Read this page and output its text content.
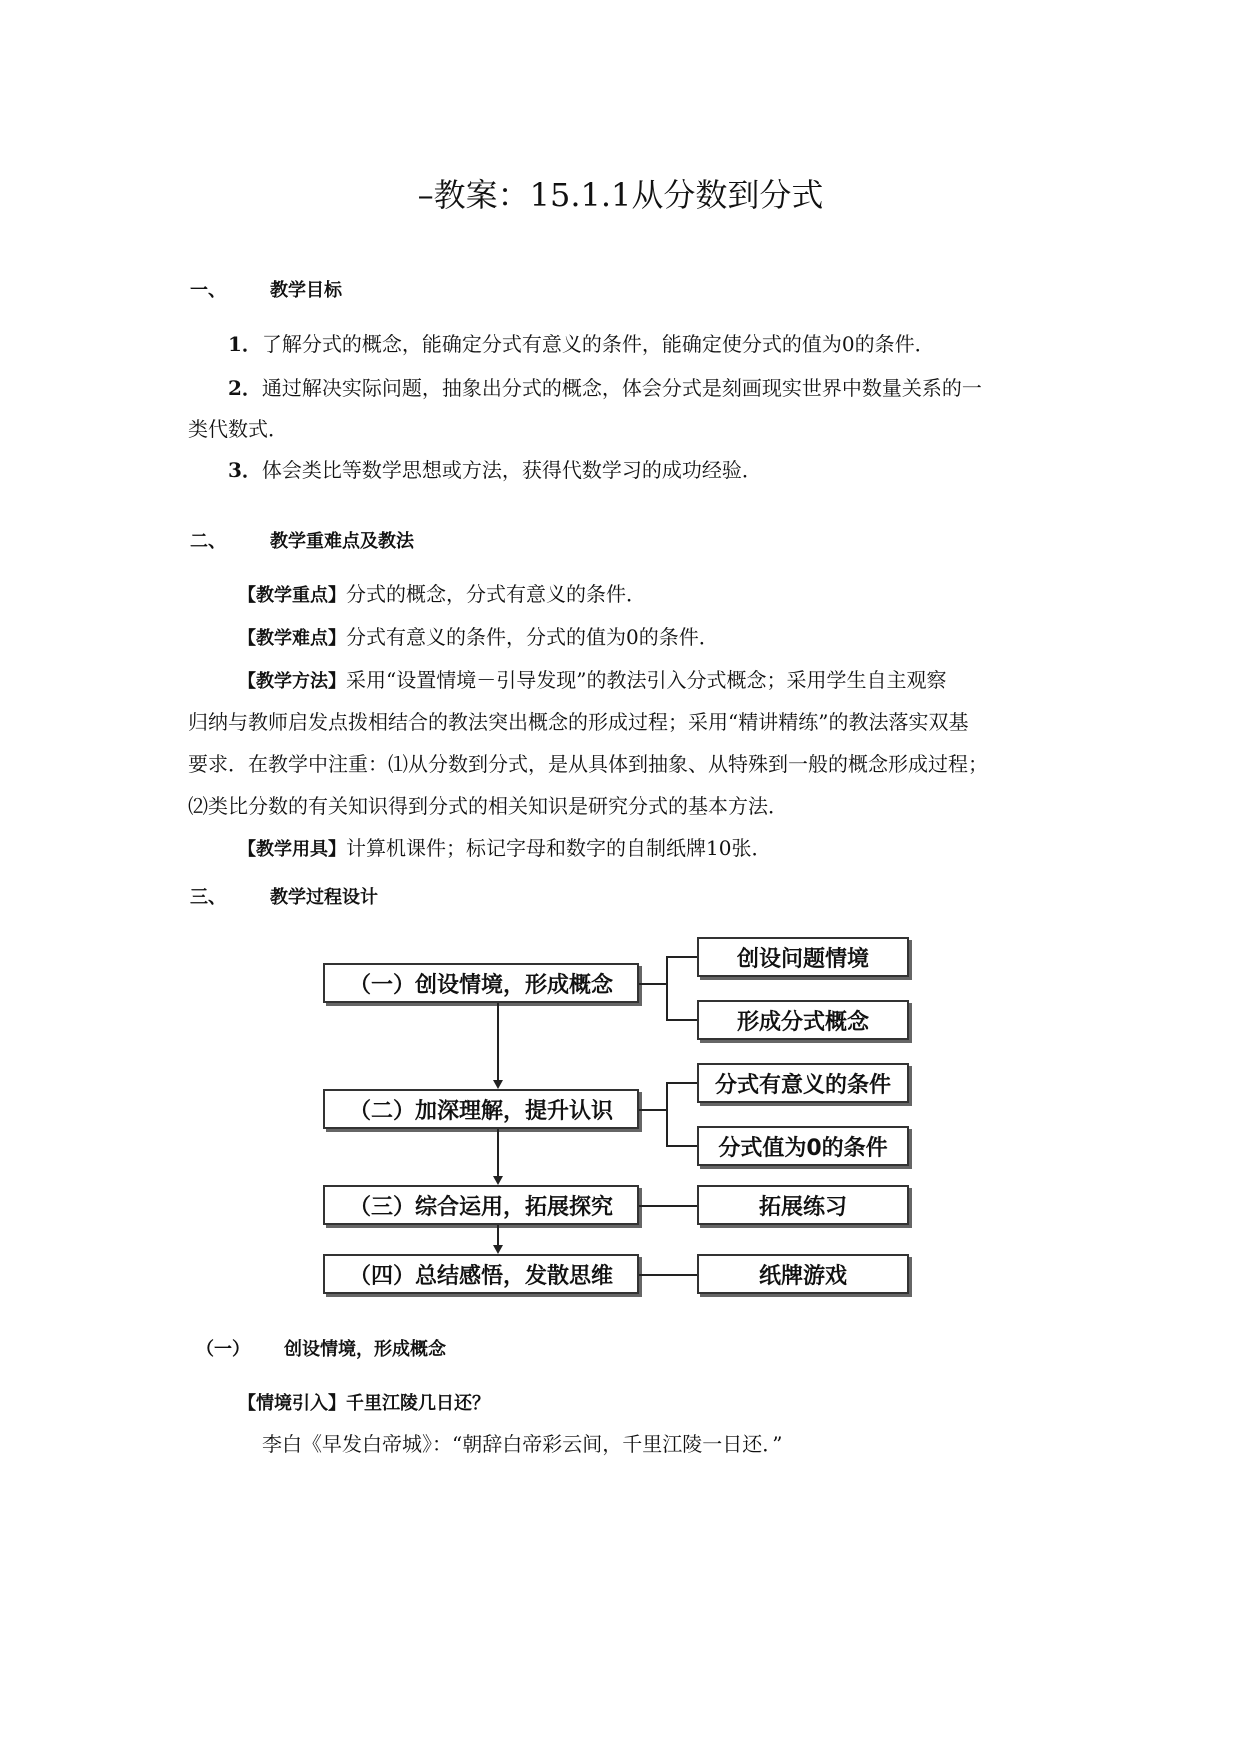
–教案：15.1.1从分数到分式
一、 教学目标
1．了解分式的概念，能确定分式有意义的条件，能确定使分式的值为0的条件．
2．通过解决实际问题，抽象出分式的概念，体会分式是刻画现实世界中数量关系的一
类代数式．
3．体会类比等数学思想或方法，获得代数学习的成功经验．
二、 教学重难点及教法
【教学重点】分式的概念，分式有意义的条件．
【教学难点】分式有意义的条件，分式的值为0的条件．
【教学方法】采用“设置情境－引导发现”的教法引入分式概念；采用学生自主观察
归纳与教师启发点拨相结合的教法突出概念的形成过程；采用“精讲精练”的教法落实双基
要求．在教学中注重：⑴从分数到分式，是从具体到抽象、从特殊到一般的概念形成过程；
⑵类比分数的有关知识得到分式的相关知识是研究分式的基本方法．
【教学用具】计算机课件；标记字母和数字的自制纸牌10张．
三、 教学过程设计
（一）创设情境，形成概念
（二）加深理解，提升认识
（三）综合运用，拓展探究
（四）总结感悟，发散思维
创设问题情境
形成分式概念
分式有意义的条件
分式值为0的条件
拓展练习
纸牌游戏
（一） 创设情境，形成概念
【情境引入】千里江陵几日还？
李白《早发白帝城》：“朝辞白帝彩云间，千里江陵一日还．”
